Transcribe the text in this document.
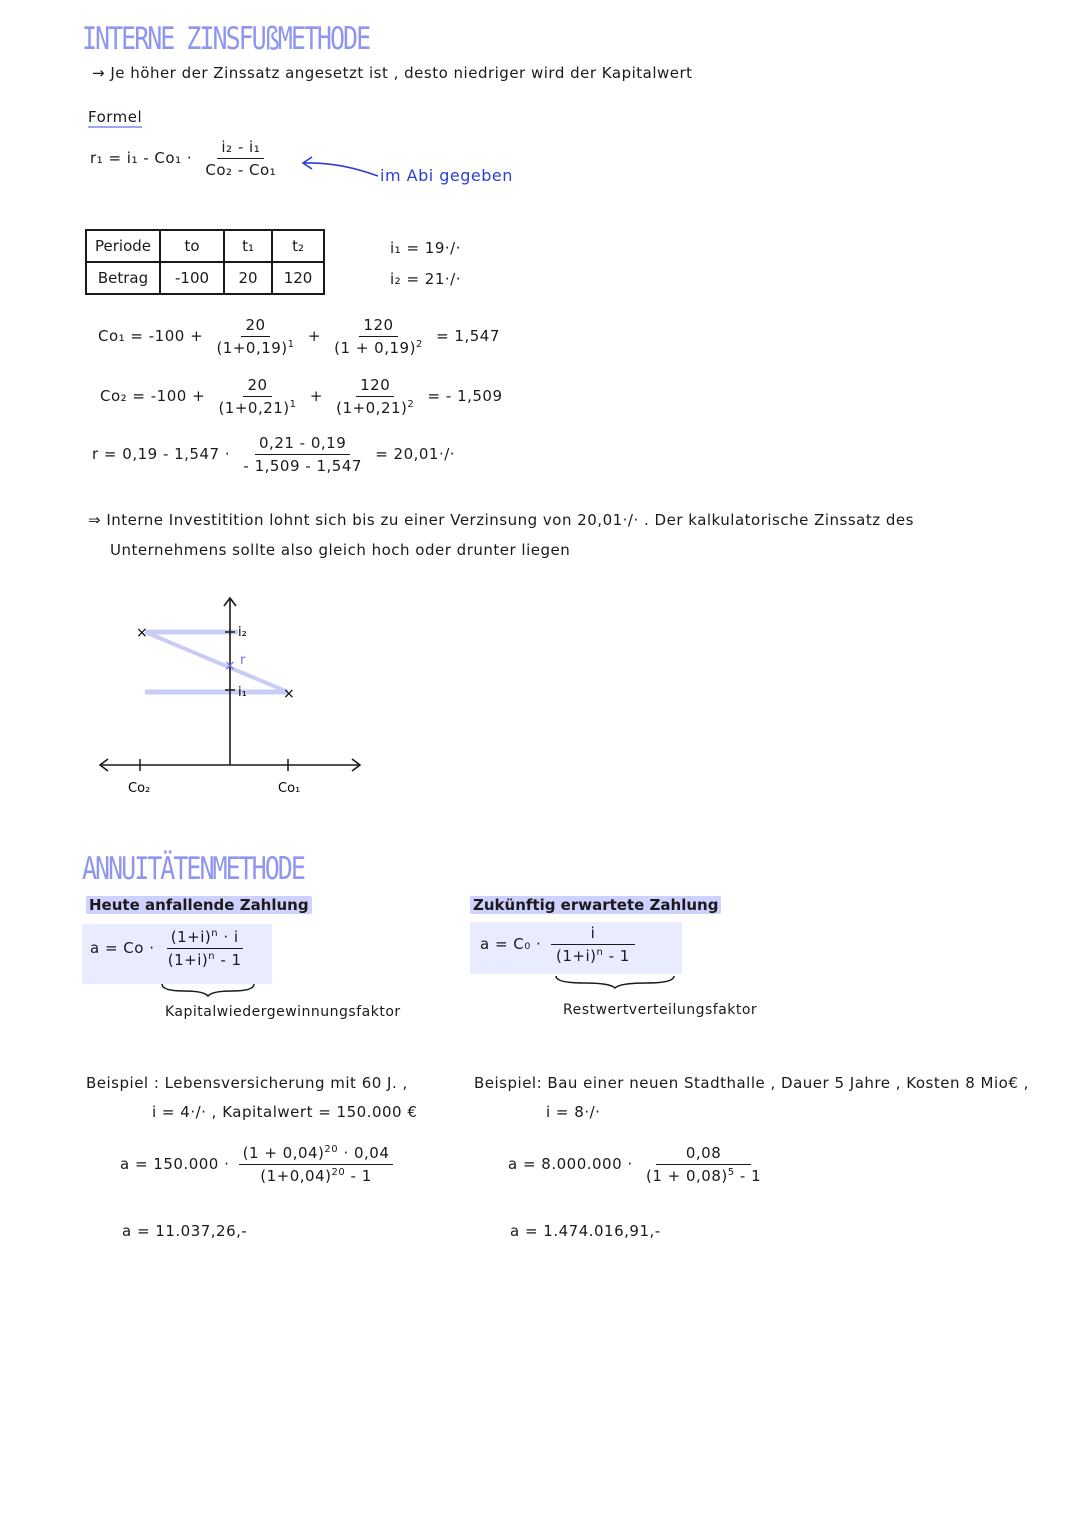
INTERNE ZINSFUßMETHODE
→ Je höher der Zinssatz angesetzt ist , desto niedriger wird der Kapitalwert
Formel
$r_1 = i_1 - Co_1 \cdot \frac{\text{i₂ - i₁}}{\text{Co₂ - Co₁}}$	im Abi gegeben
Periode	to	t₁	t₂
Betrag	-100	20	120
i₁ = 19·/·
i₂ = 21·/·
$Co_1 = -100 + \frac{20}{(1+0,19)^1} + \frac{120}{(1 + 0,19)^2} = 1,547$
$Co_2 = -100 + \frac{20}{(1+0,21)^1} + \frac{120}{(1+0,21)^2}$ = - 1,509
$r = 0,19 - 1,547 \cdot \frac{0,21 - 0,19}{- 1,509 - 1,547} = 20,01\cdot/\cdot$
⇒ Interne Investitition lohnt sich bis zu einer Verzinsung von 20,01·/· . Der kalkulatorische Zinssatz des
Unternehmens sollte also gleich hoch oder drunter liegen
×
×
×
i₂
r
i₁
Co₂	Co₁
ANNUITÄTENMETHODE
Heute anfallende Zahlung	Zukünftig erwartete Zahlung
$a = Co \cdot \frac{(1+i)^n \cdot i}{(1+i)^n - 1}$
Kapitalwiedergewinnungsfaktor
$a = C_0 \cdot \frac{i}{(1+i)^n - 1}$
Restwertverteilungsfaktor
Beispiel : Lebensversicherung mit 60 J. ,
i = 4·/· , Kapitalwert = 150.000 €
$a = 150.000 \cdot \frac{(1 + 0,04)^{20} \cdot 0,04}{(1+0,04)^{20} - 1}$
a = 11.037,26,-
Beispiel: Bau einer neuen Stadthalle , Dauer 5 Jahre , Kosten 8 Mio€ ,
i = 8·/·
$a = 8.000.000 \cdot \frac{0,08}{(1 + 0,08)^5 - 1}$
a = 1.474.016,91,-
